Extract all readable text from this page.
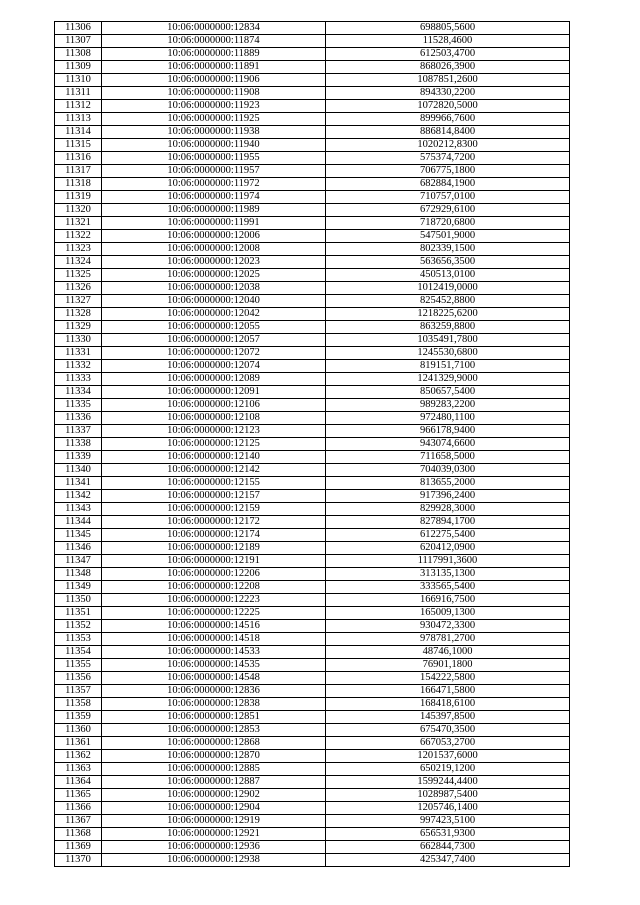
11306	10:06:0000000:12834	698805,5600
11307	10:06:0000000:11874	11528,4600
11308	10:06:0000000:11889	612503,4700
11309	10:06:0000000:11891	868026,3900
11310	10:06:0000000:11906	1087851,2600
11311	10:06:0000000:11908	894330,2200
11312	10:06:0000000:11923	1072820,5000
11313	10:06:0000000:11925	899966,7600
11314	10:06:0000000:11938	886814,8400
11315	10:06:0000000:11940	1020212,8300
11316	10:06:0000000:11955	575374,7200
11317	10:06:0000000:11957	706775,1800
11318	10:06:0000000:11972	682884,1900
11319	10:06:0000000:11974	710757,0100
11320	10:06:0000000:11989	672929,6100
11321	10:06:0000000:11991	718720,6800
11322	10:06:0000000:12006	547501,9000
11323	10:06:0000000:12008	802339,1500
11324	10:06:0000000:12023	563656,3500
11325	10:06:0000000:12025	450513,0100
11326	10:06:0000000:12038	1012419,0000
11327	10:06:0000000:12040	825452,8800
11328	10:06:0000000:12042	1218225,6200
11329	10:06:0000000:12055	863259,8800
11330	10:06:0000000:12057	1035491,7800
11331	10:06:0000000:12072	1245530,6800
11332	10:06:0000000:12074	819151,7100
11333	10:06:0000000:12089	1241329,9000
11334	10:06:0000000:12091	850657,5400
11335	10:06:0000000:12106	989283,2200
11336	10:06:0000000:12108	972480,1100
11337	10:06:0000000:12123	966178,9400
11338	10:06:0000000:12125	943074,6600
11339	10:06:0000000:12140	711658,5000
11340	10:06:0000000:12142	704039,0300
11341	10:06:0000000:12155	813655,2000
11342	10:06:0000000:12157	917396,2400
11343	10:06:0000000:12159	829928,3000
11344	10:06:0000000:12172	827894,1700
11345	10:06:0000000:12174	612275,5400
11346	10:06:0000000:12189	620412,0900
11347	10:06:0000000:12191	1117991,3600
11348	10:06:0000000:12206	313135,1300
11349	10:06:0000000:12208	333565,5400
11350	10:06:0000000:12223	166916,7500
11351	10:06:0000000:12225	165009,1300
11352	10:06:0000000:14516	930472,3300
11353	10:06:0000000:14518	978781,2700
11354	10:06:0000000:14533	48746,1000
11355	10:06:0000000:14535	76901,1800
11356	10:06:0000000:14548	154222,5800
11357	10:06:0000000:12836	166471,5800
11358	10:06:0000000:12838	168418,6100
11359	10:06:0000000:12851	145397,8500
11360	10:06:0000000:12853	675470,3500
11361	10:06:0000000:12868	667053,2700
11362	10:06:0000000:12870	1201537,6000
11363	10:06:0000000:12885	650219,1200
11364	10:06:0000000:12887	1599244,4400
11365	10:06:0000000:12902	1028987,5400
11366	10:06:0000000:12904	1205746,1400
11367	10:06:0000000:12919	997423,5100
11368	10:06:0000000:12921	656531,9300
11369	10:06:0000000:12936	662844,7300
11370	10:06:0000000:12938	425347,7400
